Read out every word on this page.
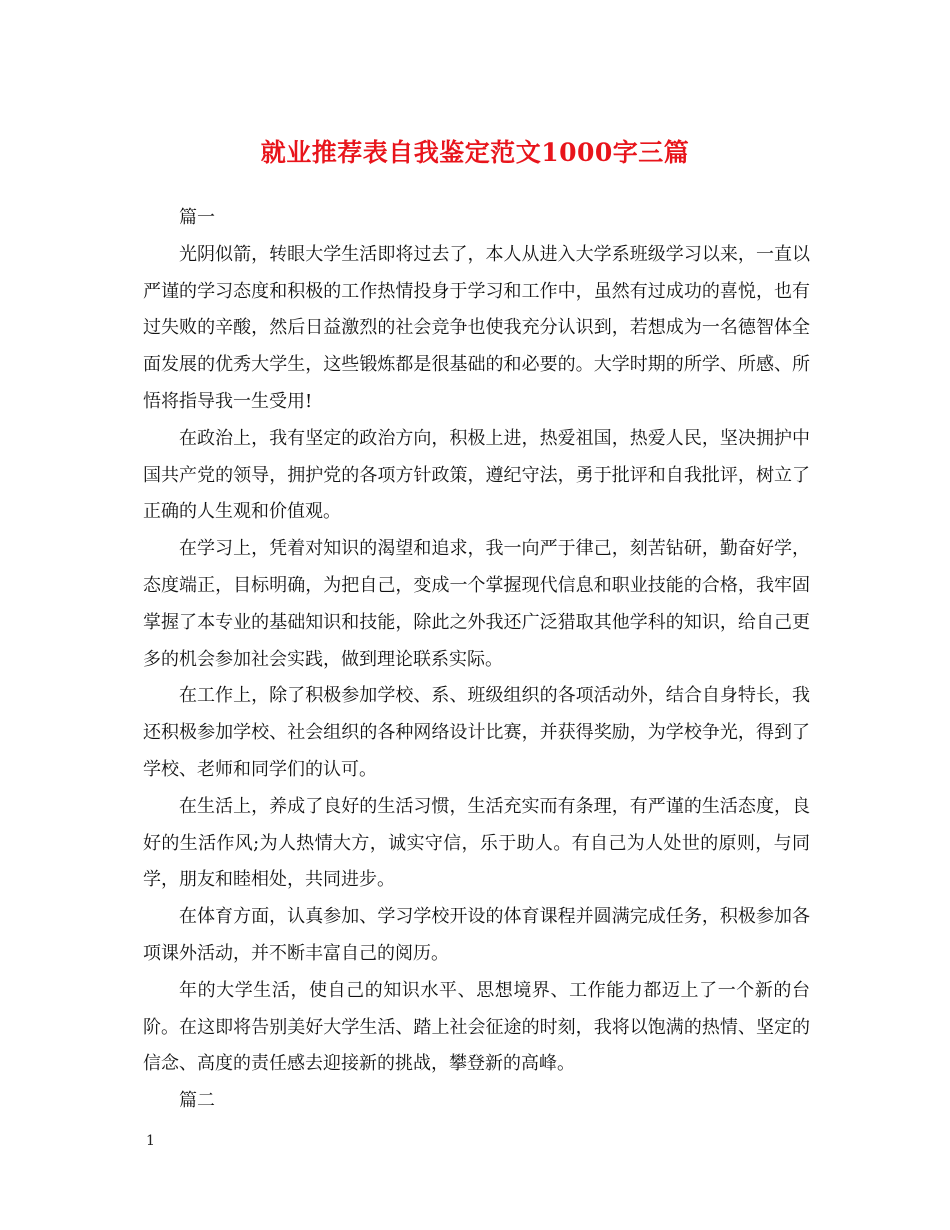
就业推荐表自我鉴定范文1000字三篇

篇一

光阴似箭，转眼大学生活即将过去了，本人从进入大学系班级学习以来，一直以严谨的学习态度和积极的工作热情投身于学习和工作中，虽然有过成功的喜悦，也有过失败的辛酸，然后日益激烈的社会竞争也使我充分认识到，若想成为一名德智体全面发展的优秀大学生，这些锻炼都是很基础的和必要的。大学时期的所学、所感、所悟将指导我一生受用!

在政治上，我有坚定的政治方向，积极上进，热爱祖国，热爱人民，坚决拥护中国共产党的领导，拥护党的各项方针政策，遵纪守法，勇于批评和自我批评，树立了正确的人生观和价值观。

在学习上，凭着对知识的渴望和追求，我一向严于律己，刻苦钻研，勤奋好学，态度端正，目标明确，为把自己，变成一个掌握现代信息和职业技能的合格，我牢固掌握了本专业的基础知识和技能，除此之外我还广泛猎取其他学科的知识，给自己更多的机会参加社会实践，做到理论联系实际。

在工作上，除了积极参加学校、系、班级组织的各项活动外，结合自身特长，我还积极参加学校、社会组织的各种网络设计比赛，并获得奖励，为学校争光，得到了学校、老师和同学们的认可。

在生活上，养成了良好的生活习惯，生活充实而有条理，有严谨的生活态度，良好的生活作风;为人热情大方，诚实守信，乐于助人。有自己为人处世的原则，与同学，朋友和睦相处，共同进步。

在体育方面，认真参加、学习学校开设的体育课程并圆满完成任务，积极参加各项课外活动，并不断丰富自己的阅历。

年的大学生活，使自己的知识水平、思想境界、工作能力都迈上了一个新的台阶。在这即将告别美好大学生活、踏上社会征途的时刻，我将以饱满的热情、坚定的信念、高度的责任感去迎接新的挑战，攀登新的高峰。

篇二

1
